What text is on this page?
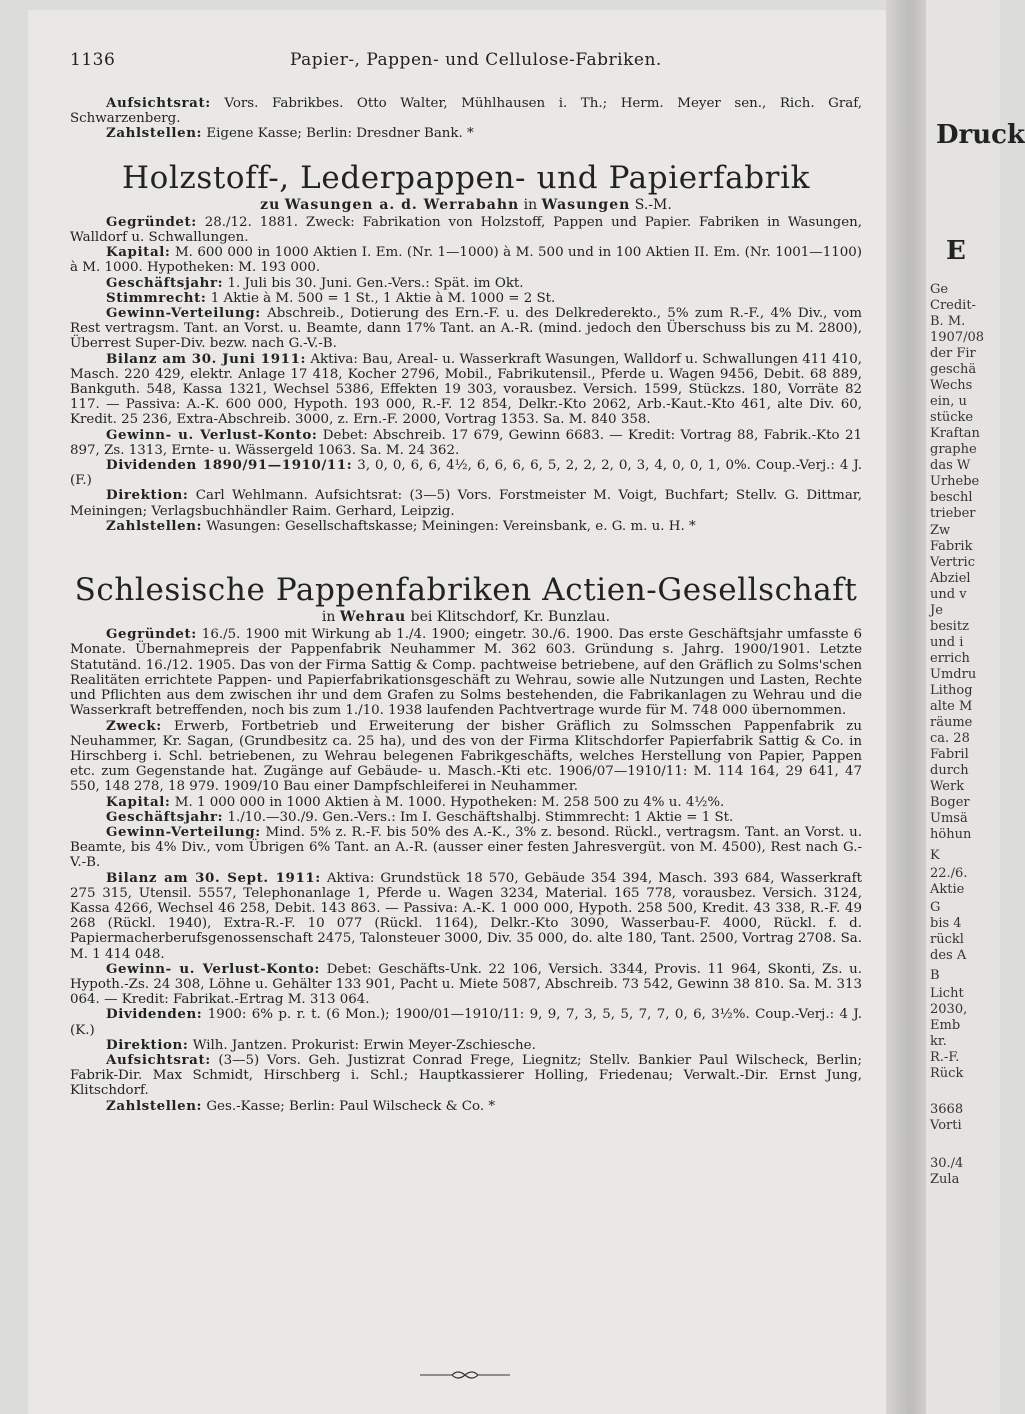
Druck
E
Ge
Credit-
B. M.
1907/08
der Fir
geschä
Wechs
ein, u
stücke
Kraftan
graphe
das W
Urhebe
beschl
trieber
Zw
Fabrik
Vertric
Abziel
und v
Je
besitz
und i
errich
Umdru
Lithog
alte M
räume
ca. 28
Fabril
durch
Werk
Boger
Umsä
höhun
K
22./6.
Aktie
G
bis 4
rückl
des A
B
Licht
2030,
Emb
kr.
R.-F.
Rück
3668
Vorti
30./4
Zula
1136	Papier-, Pappen- und Cellulose-Fabriken.

Aufsichtsrat: Vors. Fabrikbes. Otto Walter, Mühlhausen i. Th.; Herm. Meyer sen., Rich. Graf, Schwarzenberg.

Zahlstellen: Eigene Kasse; Berlin: Dresdner Bank. *

Holzstoff-, Lederpappen- und Papierfabrik
zu Wasungen a. d. Werrabahn in Wasungen S.-M.

Gegründet: 28./12. 1881. Zweck: Fabrikation von Holzstoff, Pappen und Papier. Fabriken in Wasungen, Walldorf u. Schwallungen.

Kapital: M. 600 000 in 1000 Aktien I. Em. (Nr. 1—1000) à M. 500 und in 100 Aktien II. Em. (Nr. 1001—1100) à M. 1000. Hypotheken: M. 193 000.

Geschäftsjahr: 1. Juli bis 30. Juni. Gen.-Vers.: Spät. im Okt.

Stimmrecht: 1 Aktie à M. 500 = 1 St., 1 Aktie à M. 1000 = 2 St.

Gewinn-Verteilung: Abschreib., Dotierung des Ern.-F. u. des Delkrederekto., 5% zum R.-F., 4% Div., vom Rest vertragsm. Tant. an Vorst. u. Beamte, dann 17% Tant. an A.-R. (mind. jedoch den Überschuss bis zu M. 2800), Überrest Super-Div. bezw. nach G.-V.-B.

Bilanz am 30. Juni 1911: Aktiva: Bau, Areal- u. Wasserkraft Wasungen, Walldorf u. Schwallungen 411 410, Masch. 220 429, elektr. Anlage 17 418, Kocher 2796, Mobil., Fabrikutensil., Pferde u. Wagen 9456, Debit. 68 889, Bankguth. 548, Kassa 1321, Wechsel 5386, Effekten 19 303, vorausbez. Versich. 1599, Stückzs. 180, Vorräte 82 117. — Passiva: A.-K. 600 000, Hypoth. 193 000, R.-F. 12 854, Delkr.-Kto 2062, Arb.-Kaut.-Kto 461, alte Div. 60, Kredit. 25 236, Extra-Abschreib. 3000, z. Ern.-F. 2000, Vortrag 1353. Sa. M. 840 358.

Gewinn- u. Verlust-Konto: Debet: Abschreib. 17 679, Gewinn 6683. — Kredit: Vortrag 88, Fabrik.-Kto 21 897, Zs. 1313, Ernte- u. Wässergeld 1063. Sa. M. 24 362.

Dividenden 1890/91—1910/11: 3, 0, 0, 6, 6, 4½, 6, 6, 6, 6, 5, 2, 2, 2, 0, 3, 4, 0, 0, 1, 0%. Coup.-Verj.: 4 J. (F.)

Direktion: Carl Wehlmann. Aufsichtsrat: (3—5) Vors. Forstmeister M. Voigt, Buchfart; Stellv. G. Dittmar, Meiningen; Verlagsbuchhändler Raim. Gerhard, Leipzig.

Zahlstellen: Wasungen: Gesellschaftskasse; Meiningen: Vereinsbank, e. G. m. u. H. *

Schlesische Pappenfabriken Actien-Gesellschaft
in Wehrau bei Klitschdorf, Kr. Bunzlau.

Gegründet: 16./5. 1900 mit Wirkung ab 1./4. 1900; eingetr. 30./6. 1900. Das erste Geschäftsjahr umfasste 6 Monate. Übernahmepreis der Pappenfabrik Neuhammer M. 362 603. Gründung s. Jahrg. 1900/1901. Letzte Statutänd. 16./12. 1905. Das von der Firma Sattig & Comp. pachtweise betriebene, auf den Gräflich zu Solms'schen Realitäten errichtete Pappen- und Papierfabrikationsgeschäft zu Wehrau, sowie alle Nutzungen und Lasten, Rechte und Pflichten aus dem zwischen ihr und dem Grafen zu Solms bestehenden, die Fabrikanlagen zu Wehrau und die Wasserkraft betreffenden, noch bis zum 1./10. 1938 laufenden Pachtvertrage wurde für M. 748 000 übernommen.

Zweck: Erwerb, Fortbetrieb und Erweiterung der bisher Gräflich zu Solmsschen Pappenfabrik zu Neuhammer, Kr. Sagan, (Grundbesitz ca. 25 ha), und des von der Firma Klitschdorfer Papierfabrik Sattig & Co. in Hirschberg i. Schl. betriebenen, zu Wehrau belegenen Fabrikgeschäfts, welches Herstellung von Papier, Pappen etc. zum Gegenstande hat. Zugänge auf Gebäude- u. Masch.-Kti etc. 1906/07—1910/11: M. 114 164, 29 641, 47 550, 148 278, 18 979. 1909/10 Bau einer Dampfschleiferei in Neuhammer.

Kapital: M. 1 000 000 in 1000 Aktien à M. 1000. Hypotheken: M. 258 500 zu 4% u. 4½%.

Geschäftsjahr: 1./10.—30./9. Gen.-Vers.: Im I. Geschäftshalbj. Stimmrecht: 1 Aktie = 1 St.

Gewinn-Verteilung: Mind. 5% z. R.-F. bis 50% des A.-K., 3% z. besond. Rückl., vertragsm. Tant. an Vorst. u. Beamte, bis 4% Div., vom Übrigen 6% Tant. an A.-R. (ausser einer festen Jahresvergüt. von M. 4500), Rest nach G.-V.-B.

Bilanz am 30. Sept. 1911: Aktiva: Grundstück 18 570, Gebäude 354 394, Masch. 393 684, Wasserkraft 275 315, Utensil. 5557, Telephonanlage 1, Pferde u. Wagen 3234, Material. 165 778, vorausbez. Versich. 3124, Kassa 4266, Wechsel 46 258, Debit. 143 863. — Passiva: A.-K. 1 000 000, Hypoth. 258 500, Kredit. 43 338, R.-F. 49 268 (Rückl. 1940), Extra-R.-F. 10 077 (Rückl. 1164), Delkr.-Kto 3090, Wasserbau-F. 4000, Rückl. f. d. Papiermacherberufsgenossenschaft 2475, Talonsteuer 3000, Div. 35 000, do. alte 180, Tant. 2500, Vortrag 2708. Sa. M. 1 414 048.

Gewinn- u. Verlust-Konto: Debet: Geschäfts-Unk. 22 106, Versich. 3344, Provis. 11 964, Skonti, Zs. u. Hypoth.-Zs. 24 308, Löhne u. Gehälter 133 901, Pacht u. Miete 5087, Abschreib. 73 542, Gewinn 38 810. Sa. M. 313 064. — Kredit: Fabrikat.-Ertrag M. 313 064.

Dividenden: 1900: 6% p. r. t. (6 Mon.); 1900/01—1910/11: 9, 9, 7, 3, 5, 5, 7, 7, 0, 6, 3½%. Coup.-Verj.: 4 J. (K.)

Direktion: Wilh. Jantzen. Prokurist: Erwin Meyer-Zschiesche.

Aufsichtsrat: (3—5) Vors. Geh. Justizrat Conrad Frege, Liegnitz; Stellv. Bankier Paul Wilscheck, Berlin; Fabrik-Dir. Max Schmidt, Hirschberg i. Schl.; Hauptkassierer Holling, Friedenau; Verwalt.-Dir. Ernst Jung, Klitschdorf.

Zahlstellen: Ges.-Kasse; Berlin: Paul Wilscheck & Co. *
